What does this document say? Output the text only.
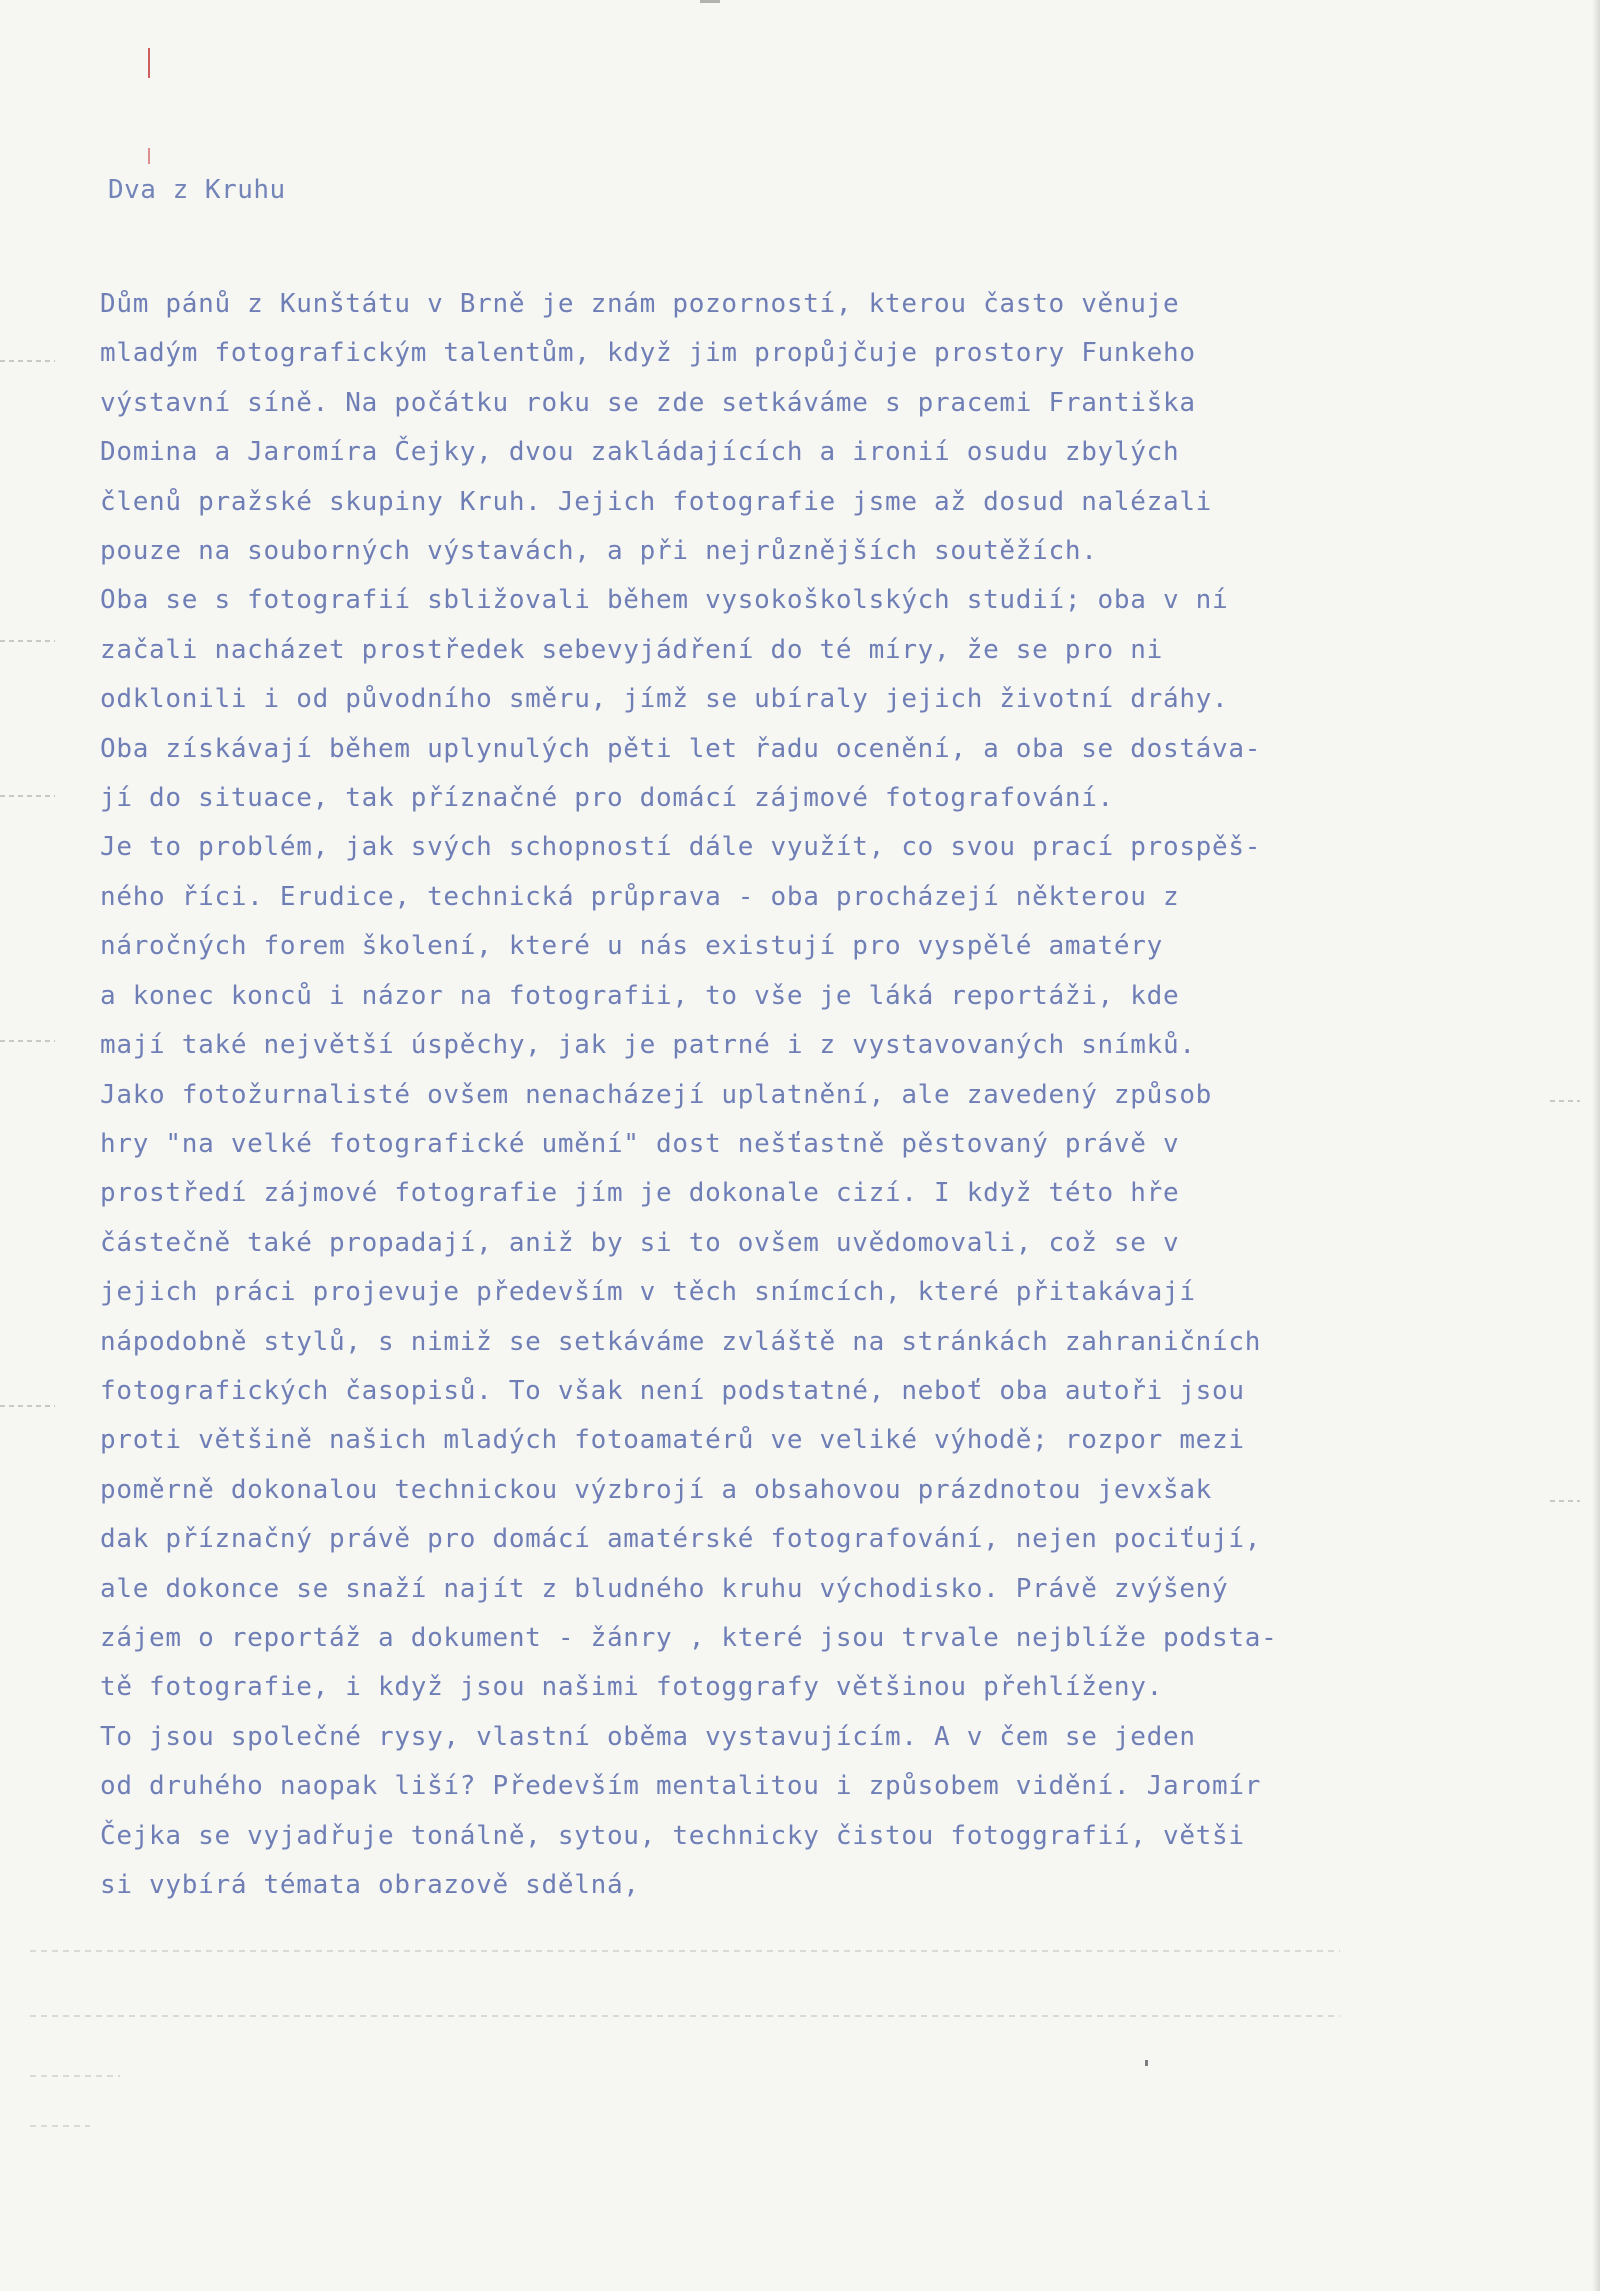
Dva z Kruhu
Dům pánů z Kunštátu v Brně je znám pozorností, kterou často věnuje
mladým fotografickým talentům, když jim propůjčuje prostory Funkeho
výstavní síně. Na počátku roku se zde setkáváme s pracemi Františka
Domina a Jaromíra Čejky, dvou zakládajících a ironií osudu zbylých
členů pražské skupiny Kruh. Jejich fotografie jsme až dosud nalézali
pouze na souborných výstavách, a při nejrůznějších soutěžích.
Oba se s fotografií sbližovali během vysokoškolských studií; oba v ní
začali nacházet prostředek sebevyjádření do té míry, že se pro ni
odklonili i od původního směru, jímž se ubíraly jejich životní dráhy.
Oba získávají během uplynulých pěti let řadu ocenění, a oba se dostáva-
jí do situace, tak příznačné pro domácí zájmové fotografování.
Je to problém, jak svých schopností dále využít, co svou prací prospěš-
ného říci. Erudice, technická průprava - oba procházejí některou z
náročných forem školení, které u nás existují pro vyspělé amatéry
a konec konců i názor na fotografii, to vše je láká reportáži, kde
mají také největší úspěchy, jak je patrné i z vystavovaných snímků.
Jako fotožurnalisté ovšem nenacházejí uplatnění, ale zavedený způsob
hry "na velké fotografické umění" dost nešťastně pěstovaný právě v
prostředí zájmové fotografie jím je dokonale cizí. I když této hře
částečně také propadají, aniž by si to ovšem uvědomovali, což se v
jejich práci projevuje především v těch snímcích, které přitakávají
nápodobně stylů, s nimiž se setkáváme zvláště na stránkách zahraničních
fotografických časopisů. To však není podstatné, neboť oba autoři jsou
proti většině našich mladých fotoamatérů ve veliké výhodě; rozpor mezi
poměrně dokonalou technickou výzbrojí a obsahovou prázdnotou jevxšak
dak příznačný právě pro domácí amatérské fotografování, nejen pociťují,
ale dokonce se snaží najít z bludného kruhu východisko. Právě zvýšený
zájem o reportáž a dokument - žánry , které jsou trvale nejblíže podsta-
tě fotografie, i když jsou našimi fotoggrafy většinou přehlíženy.
To jsou společné rysy, vlastní oběma vystavujícím. A v čem se jeden
od druhého naopak liší? Především mentalitou i způsobem vidění. Jaromír
Čejka se vyjadřuje tonálně, sytou, technicky čistou fotoggrafií, větši
si vybírá témata obrazově sdělná,
